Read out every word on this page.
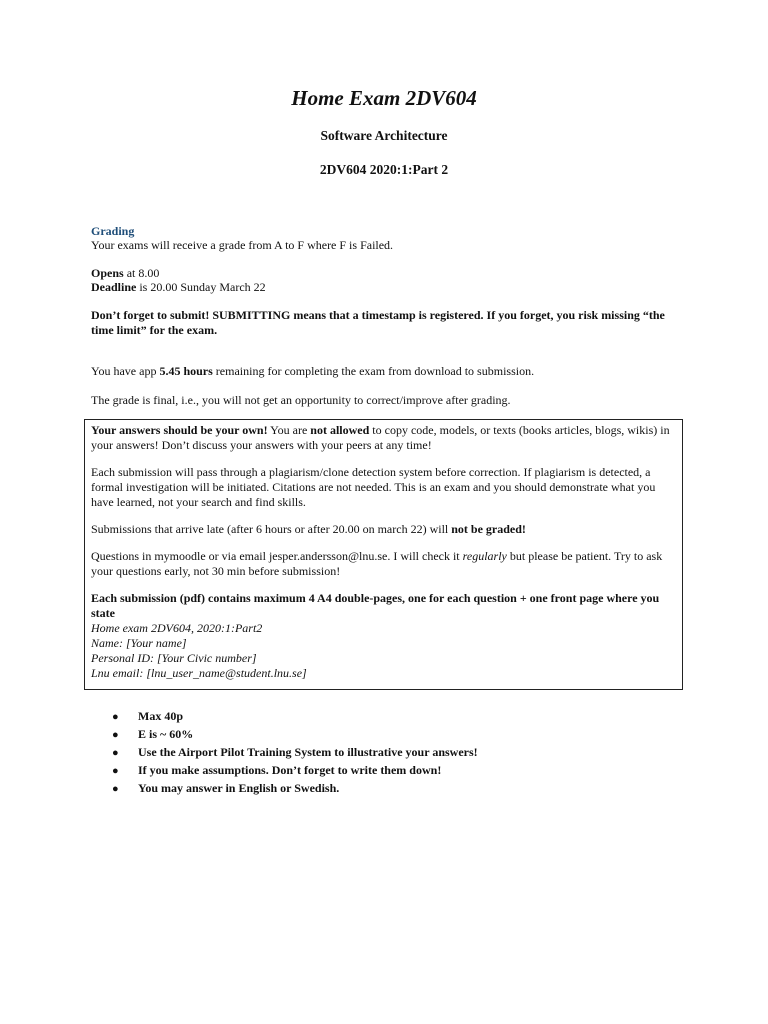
Home Exam 2DV604
Software Architecture
2DV604 2020:1:Part 2
Grading
Your exams will receive a grade from A to F where F is Failed.
Opens at 8.00
Deadline is 20.00 Sunday March 22
Don’t forget to submit! SUBMITTING means that a timestamp is registered. If you forget, you risk missing “the time limit” for the exam.
You have app 5.45 hours remaining for completing the exam from download to submission.
The grade is final, i.e., you will not get an opportunity to correct/improve after grading.

Your answers should be your own! You are not allowed to copy code, models, or texts (books articles, blogs, wikis) in your answers! Don’t discuss your answers with your peers at any time!

Each submission will pass through a plagiarism/clone detection system before correction. If plagiarism is detected, a formal investigation will be initiated. Citations are not needed. This is an exam and you should demonstrate what you have learned, not your search and find skills.

Submissions that arrive late (after 6 hours or after 20.00 on march 22) will not be graded!

Questions in mymoodle or via email jesper.andersson@lnu.se. I will check it regularly but please be patient. Try to ask your questions early, not 30 min before submission!

Each submission (pdf) contains maximum 4 A4 double-pages, one for each question + one front page where you state

Home exam 2DV604, 2020:1:Part2
Name: [Your name]
Personal ID: [Your Civic number]
Lnu email: [lnu_user_name@student.lnu.se]
●	Max 40p
●	E is ~ 60%
●	Use the Airport Pilot Training System to illustrative your answers!
●	If you make assumptions. Don’t forget to write them down!
●	You may answer in English or Swedish.
